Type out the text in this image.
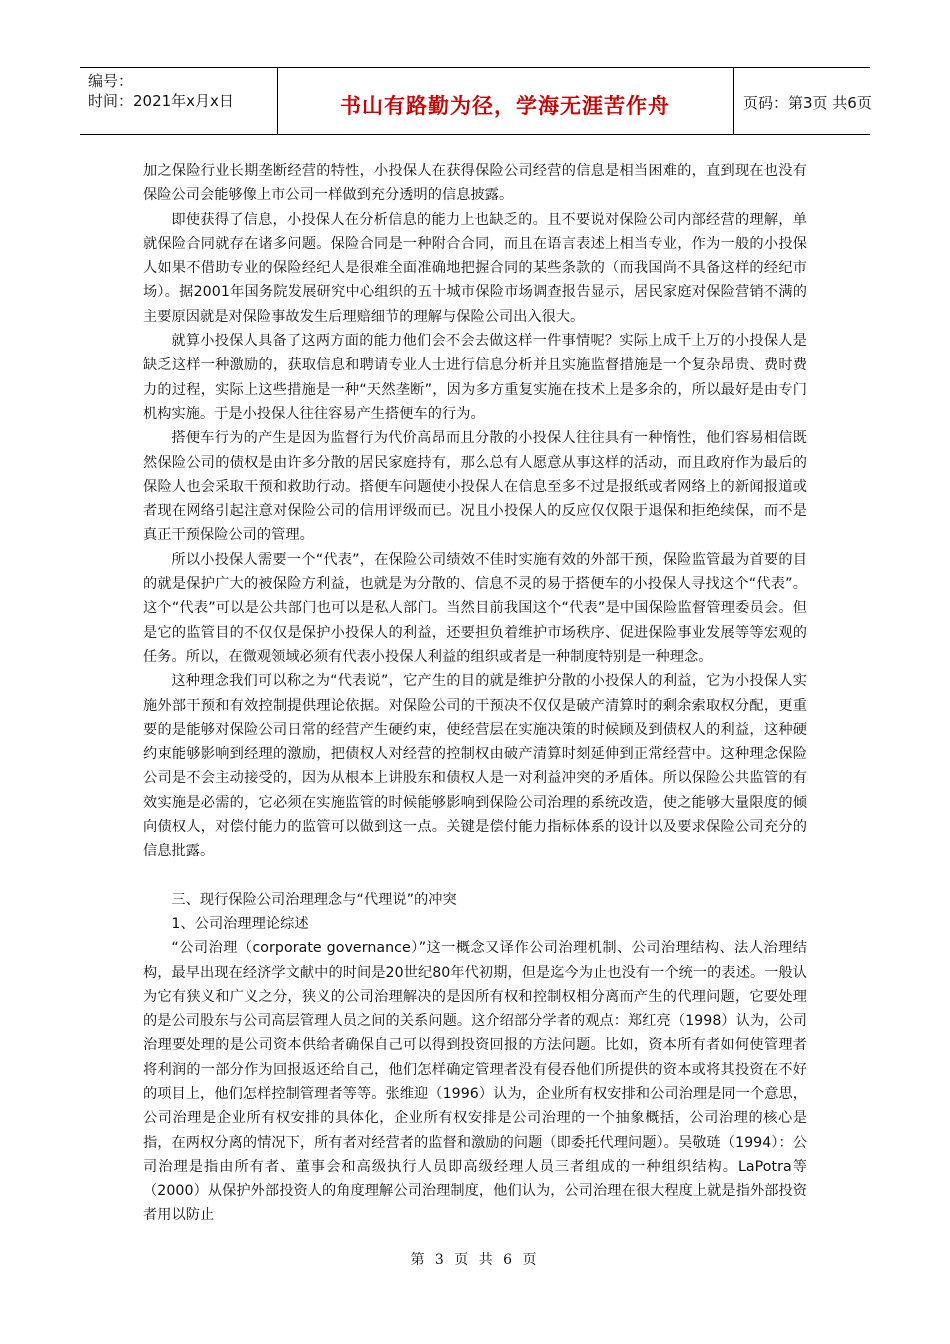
编号：
时间：2021年x月x日	书山有路勤为径，学海无涯苦作舟	页码：第3页 共6页

加之保险行业长期垄断经营的特性，小投保人在获得保险公司经营的信息是相当困难的，直到现在也没有保险公司会能够像上市公司一样做到充分透明的信息披露。

即使获得了信息，小投保人在分析信息的能力上也缺乏的。且不要说对保险公司内部经营的理解，单就保险合同就存在诸多问题。保险合同是一种附合合同，而且在语言表述上相当专业，作为一般的小投保人如果不借助专业的保险经纪人是很难全面准确地把握合同的某些条款的（而我国尚不具备这样的经纪市场）。据2001年国务院发展研究中心组织的五十城市保险市场调查报告显示，居民家庭对保险营销不满的主要原因就是对保险事故发生后理赔细节的理解与保险公司出入很大。

就算小投保人具备了这两方面的能力他们会不会去做这样一件事情呢？实际上成千上万的小投保人是缺乏这样一种激励的，获取信息和聘请专业人士进行信息分析并且实施监督措施是一个复杂昂贵、费时费力的过程，实际上这些措施是一种“天然垄断”，因为多方重复实施在技术上是多余的，所以最好是由专门机构实施。于是小投保人往往容易产生搭便车的行为。

搭便车行为的产生是因为监督行为代价高昂而且分散的小投保人往往具有一种惰性，他们容易相信既然保险公司的债权是由许多分散的居民家庭持有，那么总有人愿意从事这样的活动，而且政府作为最后的保险人也会采取干预和救助行动。搭便车问题使小投保人在信息至多不过是报纸或者网络上的新闻报道或者现在网络引起注意对保险公司的信用评级而已。况且小投保人的反应仅仅限于退保和拒绝续保，而不是真正干预保险公司的管理。

所以小投保人需要一个“代表”，在保险公司绩效不佳时实施有效的外部干预，保险监管最为首要的目的就是保护广大的被保险方利益，也就是为分散的、信息不灵的易于搭便车的小投保人寻找这个“代表”。这个“代表”可以是公共部门也可以是私人部门。当然目前我国这个“代表”是中国保险监督管理委员会。但是它的监管目的不仅仅是保护小投保人的利益，还要担负着维护市场秩序、促进保险事业发展等等宏观的任务。所以，在微观领域必须有代表小投保人利益的组织或者是一种制度特别是一种理念。

这种理念我们可以称之为“代表说”，它产生的目的就是维护分散的小投保人的利益，它为小投保人实施外部干预和有效控制提供理论依据。对保险公司的干预决不仅仅是破产清算时的剩余索取权分配，更重要的是能够对保险公司日常的经营产生硬约束，使经营层在实施决策的时候顾及到债权人的利益，这种硬约束能够影响到经理的激励，把债权人对经营的控制权由破产清算时刻延伸到正常经营中。这种理念保险公司是不会主动接受的，因为从根本上讲股东和债权人是一对利益冲突的矛盾体。所以保险公共监管的有效实施是必需的，它必须在实施监管的时候能够影响到保险公司治理的系统改造，使之能够大量限度的倾向债权人，对偿付能力的监管可以做到这一点。关键是偿付能力指标体系的设计以及要求保险公司充分的信息批露。

三、现行保险公司治理理念与“代理说”的冲突

1、公司治理理论综述

“公司治理（corporate governance）”这一概念又译作公司治理机制、公司治理结构、法人治理结构，最早出现在经济学文献中的时间是20世纪80年代初期，但是迄今为止也没有一个统一的表述。一般认为它有狭义和广义之分，狭义的公司治理解决的是因所有权和控制权相分离而产生的代理问题，它要处理的是公司股东与公司高层管理人员之间的关系问题。这介绍部分学者的观点：郑红亮（1998）认为，公司治理要处理的是公司资本供给者确保自己可以得到投资回报的方法问题。比如，资本所有者如何使管理者将利润的一部分作为回报返还给自己，他们怎样确定管理者没有侵吞他们所提供的资本或将其投资在不好的项目上，他们怎样控制管理者等等。张维迎（1996）认为，企业所有权安排和公司治理是同一个意思，公司治理是企业所有权安排的具体化，企业所有权安排是公司治理的一个抽象概括，公司治理的核心是指，在两权分离的情况下，所有者对经营者的监督和激励的问题（即委托代理问题）。吴敬琏（1994）：公司治理是指由所有者、董事会和高级执行人员即高级经理人员三者组成的一种组织结构。LaPotra等（2000）从保护外部投资人的角度理解公司治理制度，他们认为，公司治理在很大程度上就是指外部投资者用以防止

第 3 页 共 6 页
